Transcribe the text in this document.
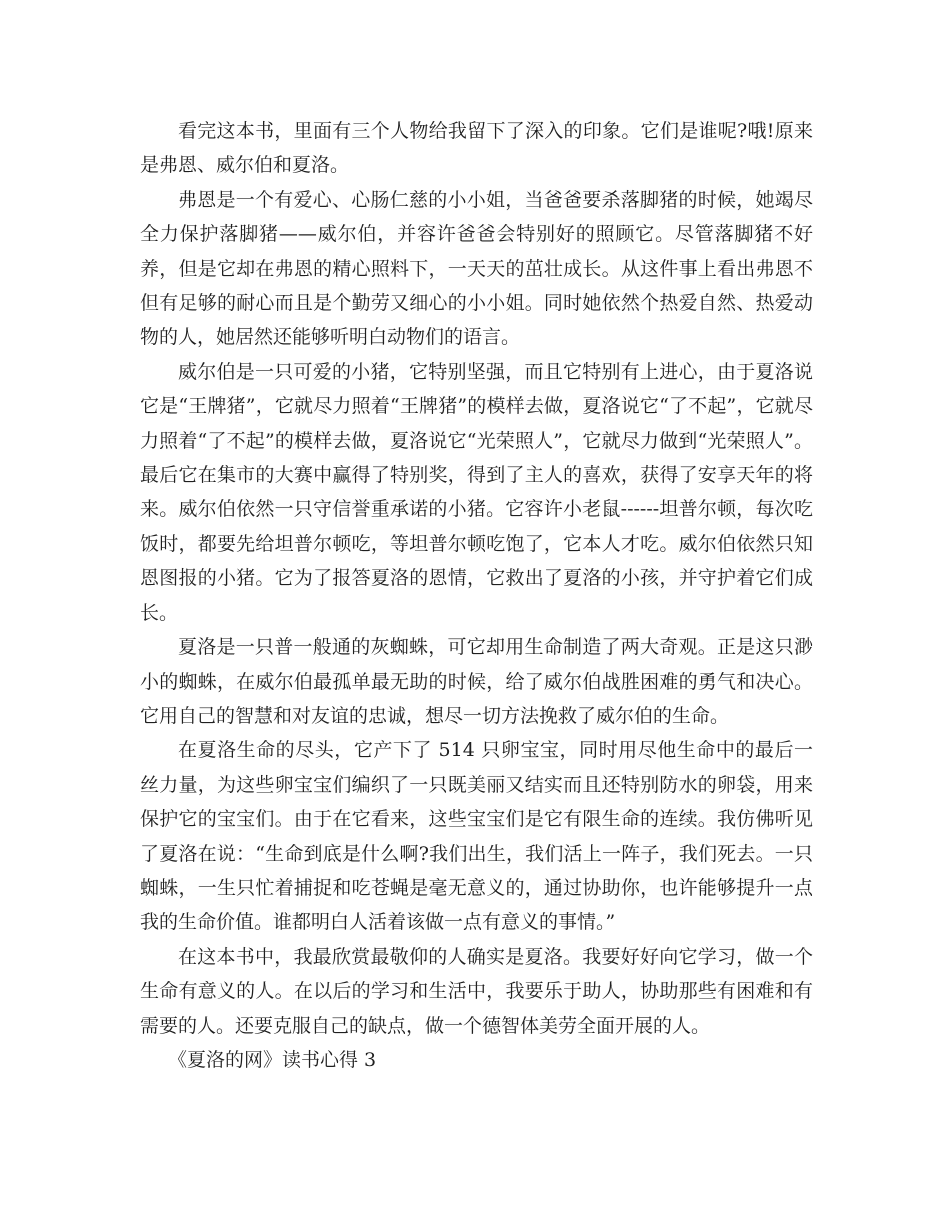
看完这本书，里面有三个人物给我留下了深入的印象。它们是谁呢?哦!原来是弗恩、威尔伯和夏洛。

弗恩是一个有爱心、心肠仁慈的小小姐，当爸爸要杀落脚猪的时候，她竭尽全力保护落脚猪——威尔伯，并容许爸爸会特别好的照顾它。尽管落脚猪不好养，但是它却在弗恩的精心照料下，一天天的茁壮成长。从这件事上看出弗恩不但有足够的耐心而且是个勤劳又细心的小小姐。同时她依然个热爱自然、热爱动物的人，她居然还能够听明白动物们的语言。

威尔伯是一只可爱的小猪，它特别坚强，而且它特别有上进心，由于夏洛说它是“王牌猪”，它就尽力照着“王牌猪”的模样去做，夏洛说它“了不起”，它就尽力照着“了不起”的模样去做，夏洛说它“光荣照人”，它就尽力做到“光荣照人”。最后它在集市的大赛中赢得了特别奖，得到了主人的喜欢，获得了安享天年的将来。威尔伯依然一只守信誉重承诺的小猪。它容许小老鼠------坦普尔顿，每次吃饭时，都要先给坦普尔顿吃，等坦普尔顿吃饱了，它本人才吃。威尔伯依然只知恩图报的小猪。它为了报答夏洛的恩情，它救出了夏洛的小孩，并守护着它们成长。

夏洛是一只普一般通的灰蜘蛛，可它却用生命制造了两大奇观。正是这只渺小的蜘蛛，在威尔伯最孤单最无助的时候，给了威尔伯战胜困难的勇气和决心。它用自己的智慧和对友谊的忠诚，想尽一切方法挽救了威尔伯的生命。

在夏洛生命的尽头，它产下了 514 只卵宝宝，同时用尽他生命中的最后一丝力量，为这些卵宝宝们编织了一只既美丽又结实而且还特别防水的卵袋，用来保护它的宝宝们。由于在它看来，这些宝宝们是它有限生命的连续。我仿佛听见了夏洛在说：“生命到底是什么啊?我们出生，我们活上一阵子，我们死去。一只蜘蛛，一生只忙着捕捉和吃苍蝇是毫无意义的，通过协助你，也许能够提升一点我的生命价值。谁都明白人活着该做一点有意义的事情。”

在这本书中，我最欣赏最敬仰的人确实是夏洛。我要好好向它学习，做一个生命有意义的人。在以后的学习和生活中，我要乐于助人，协助那些有困难和有需要的人。还要克服自己的缺点，做一个德智体美劳全面开展的人。

《夏洛的网》读书心得 3
